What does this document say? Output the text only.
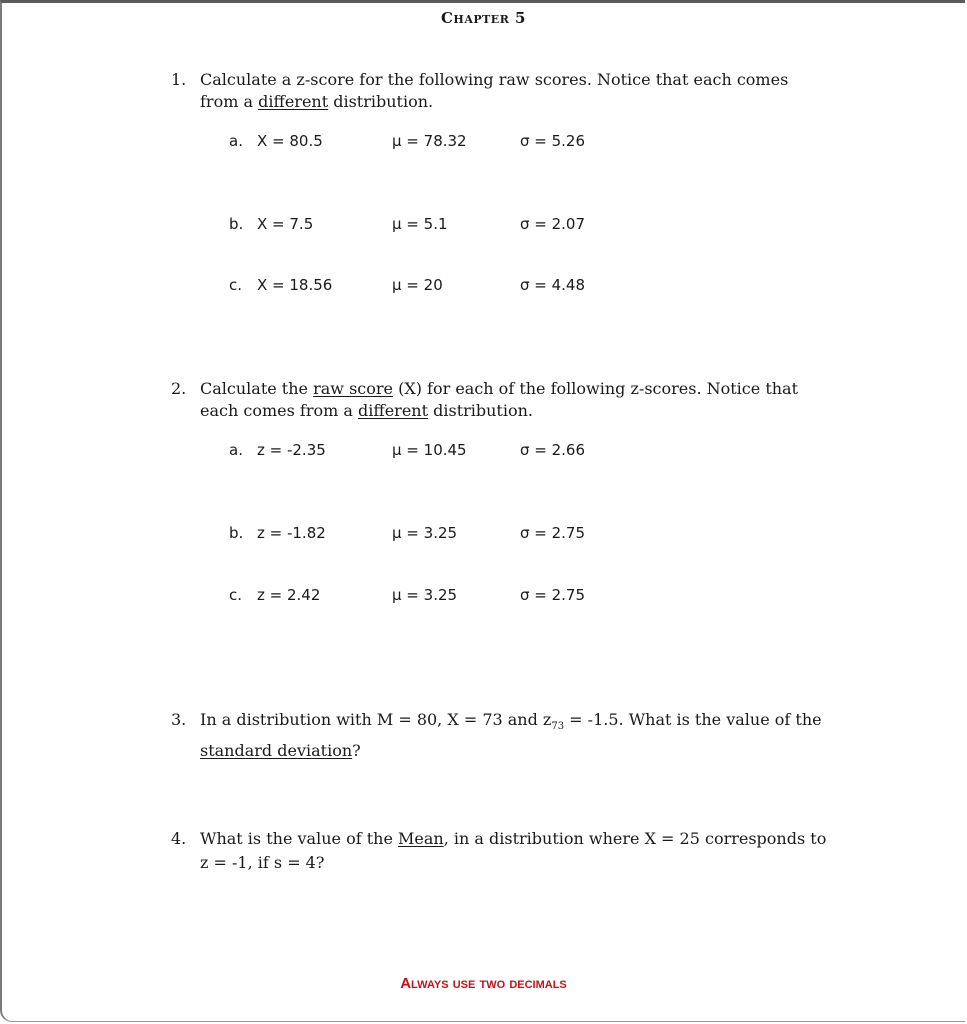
Chapter 5
1. Calculate a z-score for the following raw scores. Notice that each comes from a different distribution.
a. X = 80.5	μ = 78.32	σ = 5.26
b. X = 7.5	μ = 5.1	σ = 2.07
c. X = 18.56	μ = 20	σ = 4.48
2. Calculate the raw score (X) for each of the following z-scores. Notice that each comes from a different distribution.
a. z = -2.35	μ = 10.45	σ = 2.66
b. z = -1.82	μ = 3.25	σ = 2.75
c. z = 2.42	μ = 3.25	σ = 2.75
3. In a distribution with M = 80, X = 73 and $z_{73} = -1.5$. What is the value of the standard deviation?
4. What is the value of the Mean, in a distribution where X = 25 corresponds to z = -1, if s = 4?
Always use two decimals
